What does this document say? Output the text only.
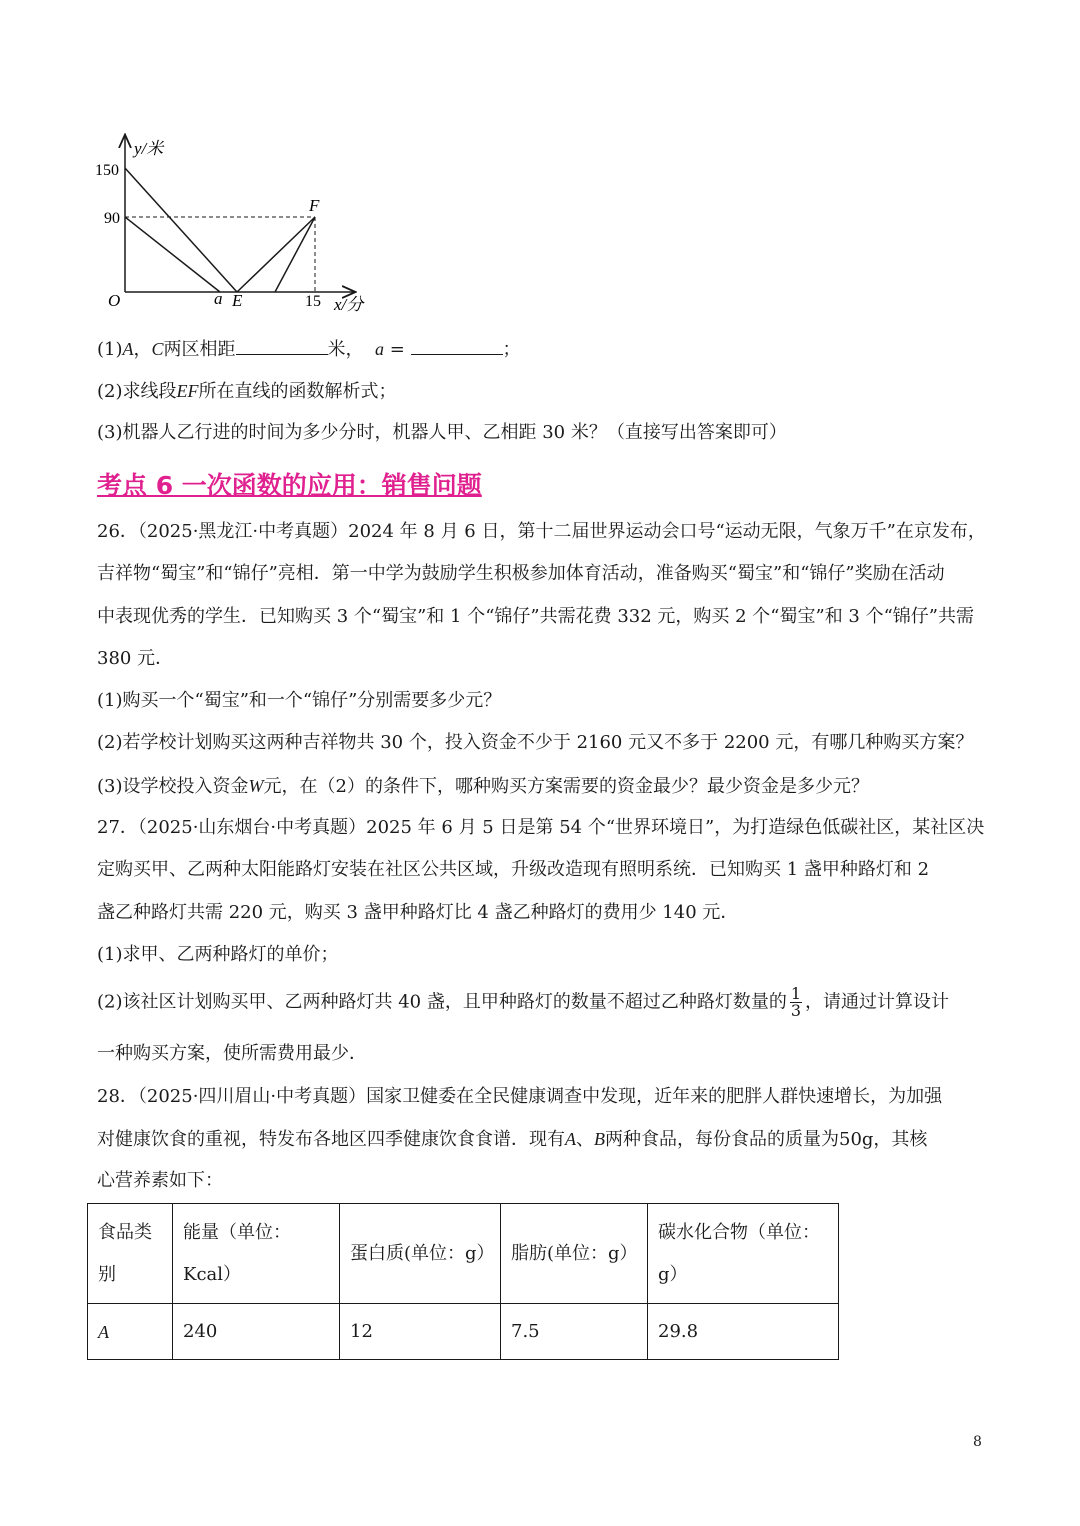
y/米
150
90
O	a E	15 x/分
F
(1)A，C两区相距	米， a =	；
(2)求线段EF所在直线的函数解析式；
(3)机器人乙行进的时间为多少分时，机器人甲、乙相距 30 米？（直接写出答案即可）
考点 6 一次函数的应用：销售问题
26．（2025·黑龙江·中考真题）2024 年 8 月 6 日，第十二届世界运动会口号“运动无限，气象万千”在京发布，
吉祥物“蜀宝”和“锦仔”亮相．第一中学为鼓励学生积极参加体育活动，准备购买“蜀宝”和“锦仔”奖励在活动
中表现优秀的学生．已知购买 3 个“蜀宝”和 1 个“锦仔”共需花费 332 元，购买 2 个“蜀宝”和 3 个“锦仔”共需
380 元．
(1)购买一个“蜀宝”和一个“锦仔”分别需要多少元？
(2)若学校计划购买这两种吉祥物共 30 个，投入资金不少于 2160 元又不多于 2200 元，有哪几种购买方案？
(3)设学校投入资金W元，在（2）的条件下，哪种购买方案需要的资金最少？最少资金是多少元？
27．（2025·山东烟台·中考真题）2025 年 6 月 5 日是第 54 个“世界环境日”，为打造绿色低碳社区，某社区决
定购买甲、乙两种太阳能路灯安装在社区公共区域，升级改造现有照明系统．已知购买 1 盏甲种路灯和 2
盏乙种路灯共需 220 元，购买 3 盏甲种路灯比 4 盏乙种路灯的费用少 140 元．
(1)求甲、乙两种路灯的单价；
(2)该社区计划购买甲、乙两种路灯共 40 盏，且甲种路灯的数量不超过乙种路灯数量的 $\frac{1}{3}$ ，请通过计算设计
一种购买方案，使所需费用最少．
28．（2025·四川眉山·中考真题）国家卫健委在全民健康调查中发现，近年来的肥胖人群快速增长，为加强
对健康饮食的重视，特发布各地区四季健康饮食食谱．现有A、B两种食品，每份食品的质量为50g，其核
心营养素如下：
食品类别	能量（单位：Kcal）	蛋白质(单位：g）	脂肪(单位：g）	碳水化合物（单位：g）
A	240	12	7.5	29.8
8
